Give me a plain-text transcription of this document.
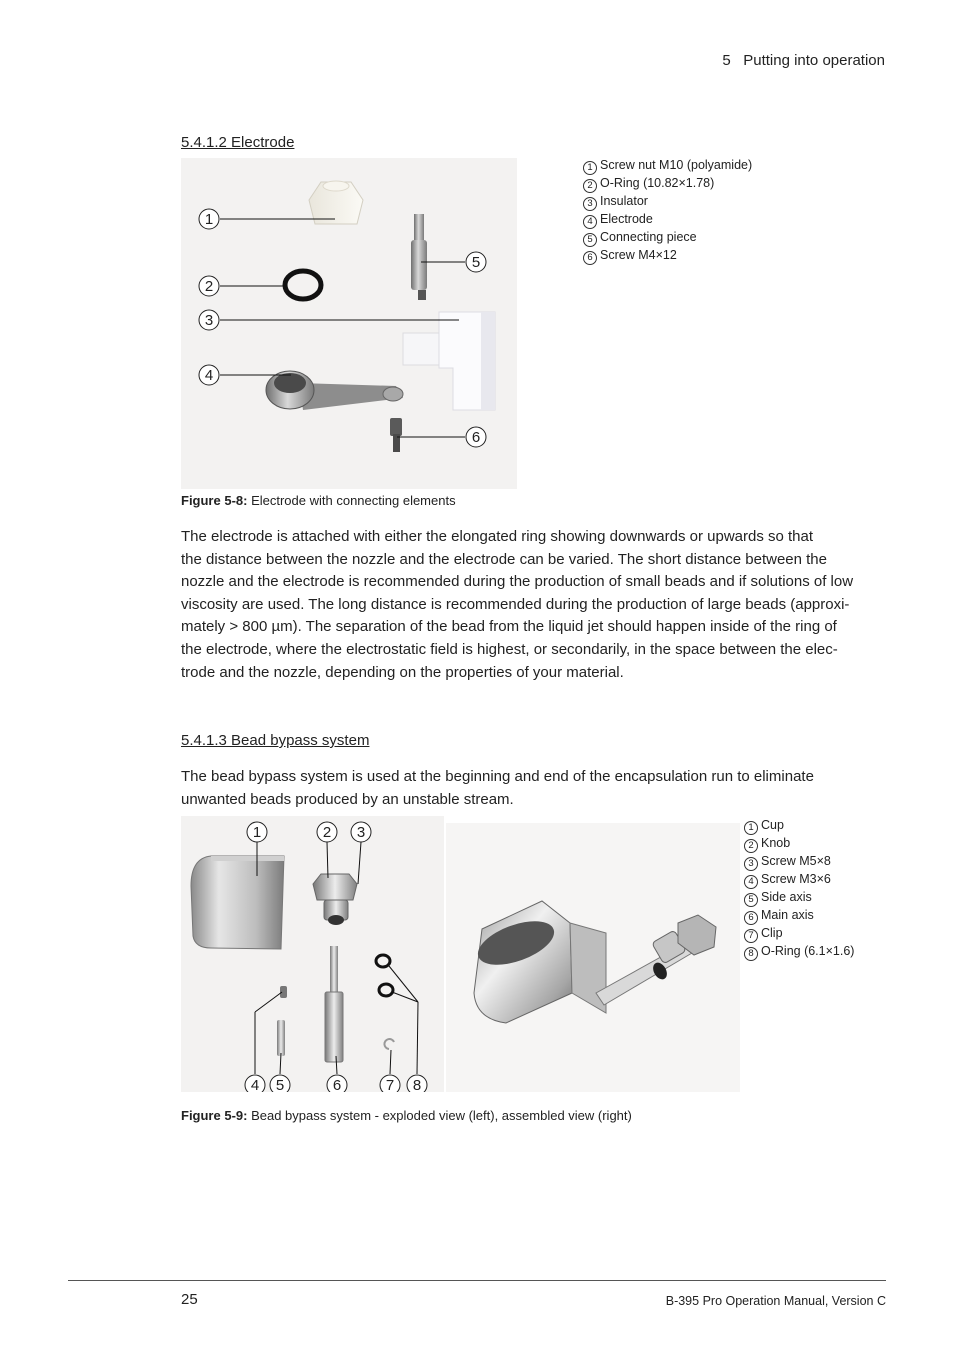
5 Putting into operation
5.4.1.2 Electrode
1
2
3
4
5
6
1 Screw nut M10 (polyamide)
2 O-Ring (10.82×1.78)
3 Insulator
4 Electrode
5 Connecting piece
6 Screw M4×12
Figure 5-8: Electrode with connecting elements
The electrode is attached with either the elongated ring showing downwards or upwards so that
the distance between the nozzle and the electrode can be varied. The short distance between the
nozzle and the electrode is recommended during the production of small beads and if solutions of low
viscosity are used. The long distance is recommended during the production of large beads (approxi-
mately > 800 µm). The separation of the bead from the liquid jet should happen inside of the ring of
the electrode, where the electrostatic field is highest, or secondarily, in the space between the elec-
trode and the nozzle, depending on the properties of your material.
5.4.1.3 Bead bypass system
The bead bypass system is used at the beginning and end of the encapsulation run to eliminate
unwanted beads produced by an unstable stream.
1	2 3
4 5	6	7 8
1 Cup
2 Knob
3 Screw M5×8
4 Screw M3×6
5 Side axis
6 Main axis
7 Clip
8 O-Ring (6.1×1.6)
Figure 5-9: Bead bypass system - exploded view (left), assembled view (right)
25	B-395 Pro Operation Manual, Version C
